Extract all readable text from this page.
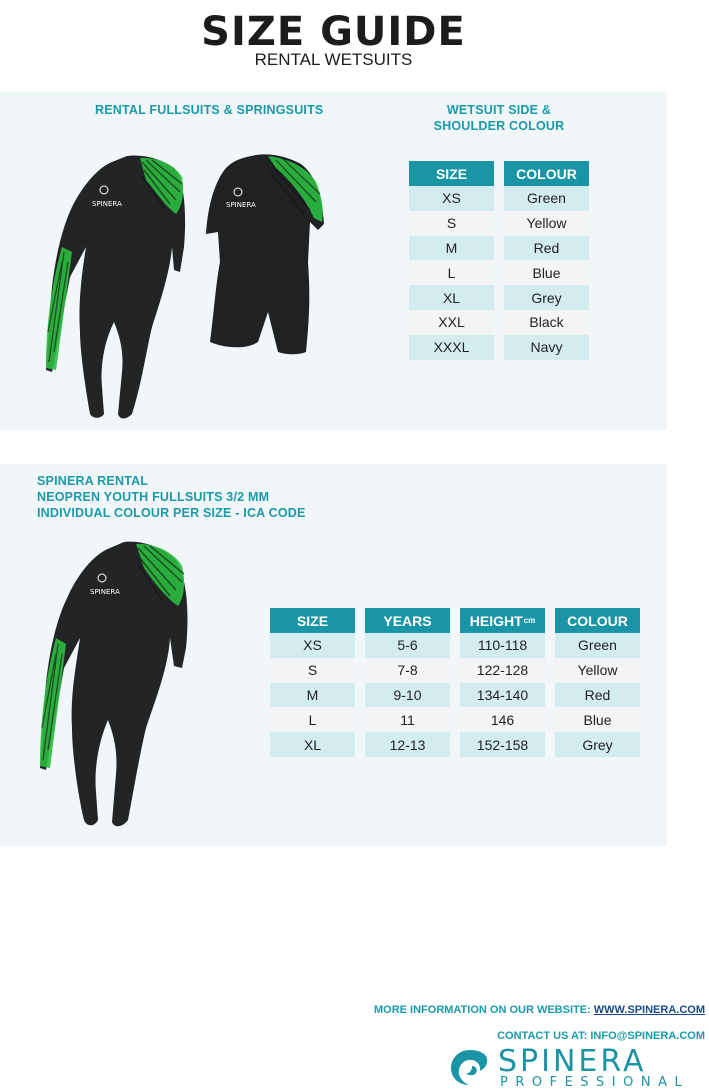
SIZE GUIDE
RENTAL WETSUITS
RENTAL FULLSUITS & SPRINGSUITS	WETSUIT SIDE &
SHOULDER COLOUR
SPINERA	SPINERA
SIZE
XS
S
M
L
XL
XXL
XXXL
COLOUR
Green
Yellow
Red
Blue
Grey
Black
Navy
SPINERA RENTAL
NEOPREN YOUTH FULLSUITS 3/2 MM
INDIVIDUAL COLOUR PER SIZE - ICA CODE
SPINERA
SIZE
XS
S
M
L
XL
YEARS
5-6
7-8
9-10
11
12-13
HEIGHT cm
110-118
122-128
134-140
146
152-158
COLOUR
Green
Yellow
Red
Blue
Grey
MORE INFORMATION ON OUR WEBSITE: WWW.SPINERA.COM
CONTACT US AT: INFO@SPINERA.COM
SPINERA
PROFESSIONAL
